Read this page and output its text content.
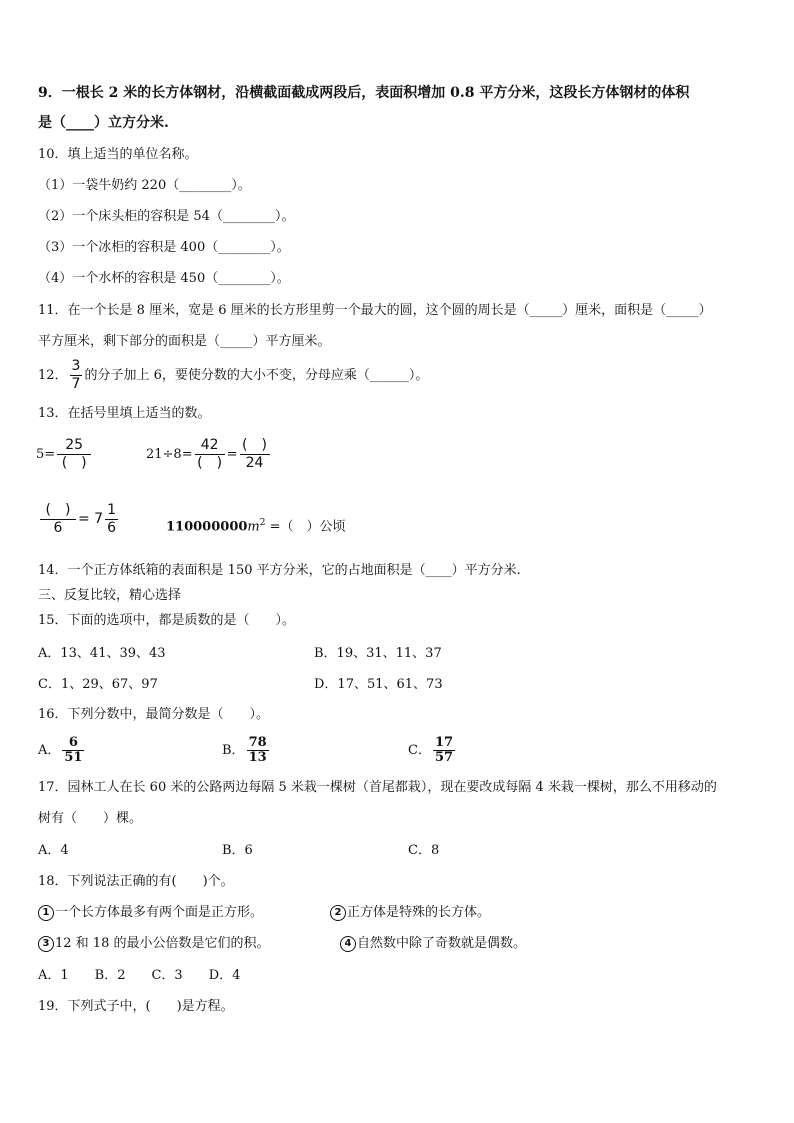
9．一根长 2 米的长方体钢材，沿横截面截成两段后，表面积增加 0.8 平方分米，这段长方体钢材的体积
是（____）立方分米.
10．填上适当的单位名称。
（1）一袋牛奶约 220（________）。
（2）一个床头柜的容积是 54（________）。
（3）一个冰柜的容积是 400（________）。
（4）一个水杯的容积是 450（________）。
11．在一个长是 8 厘米，宽是 6 厘米的长方形里剪一个最大的圆，这个圆的周长是（_____）厘米，面积是（_____）
平方厘米，剩下部分的面积是（_____）平方厘米。
12． $\frac{3}{7}$ 的分子加上 6，要使分数的大小不变，分母应乘（______）。
13．在括号里填上适当的数。
$5= \frac{25}{( )}$	$21\div 8= \frac{42}{( )} = \frac{( )}{24}$
$\frac{( )}{6} = 7 \frac{1}{6}$	$110000000m^2$ =（　）公顷
14．一个正方体纸箱的表面积是 150 平方分米，它的占地面积是（____）平方分米.
三、反复比较，精心选择
15．下面的选项中，都是质数的是（　　）。
A．13、41、39、43	B．19、31、11、37
C．1、29、67、97	D．17、51、61、73
16．下列分数中，最简分数是（　　）。
A． $\frac{6}{51}$	B． $\frac{78}{13}$	C． $\frac{17}{57}$
17．园林工人在长 60 米的公路两边每隔 5 米栽一棵树（首尾都栽），现在要改成每隔 4 米栽一棵树，那么不用移动的
树有（　　）棵。
A．4	B．6	C．8
18．下列说法正确的有(　　)个。
1 一个长方体最多有两个面是正方形。	2 正方体是特殊的长方体。
3 12 和 18 的最小公倍数是它们的积。	4 自然数中除了奇数就是偶数。
A．1　　B．2　　C．3　　D．4
19．下列式子中，(　　)是方程。
